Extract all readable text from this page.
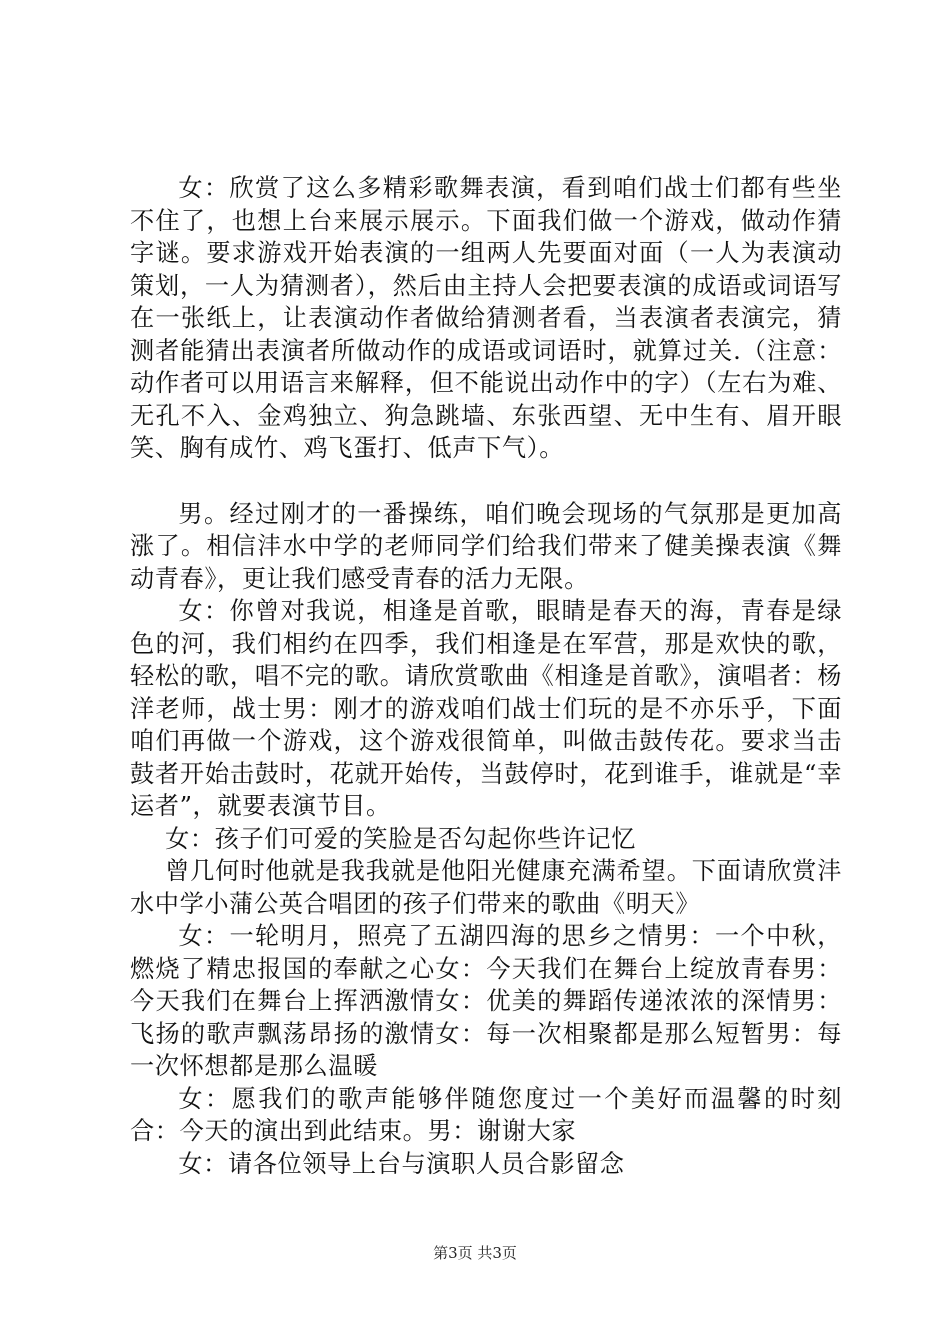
女：欣赏了这么多精彩歌舞表演，看到咱们战士们都有些坐不住了，也想上台来展示展示。下面我们做一个游戏，做动作猜字谜。要求游戏开始表演的一组两人先要面对面（一人为表演动策划，一人为猜测者），然后由主持人会把要表演的成语或词语写在一张纸上，让表演动作者做给猜测者看，当表演者表演完，猜测者能猜出表演者所做动作的成语或词语时，就算过关.（注意：动作者可以用语言来解释，但不能说出动作中的字）（左右为难、无孔不入、金鸡独立、狗急跳墙、东张西望、无中生有、眉开眼笑、胸有成竹、鸡飞蛋打、低声下气）。

男。经过刚才的一番操练，咱们晚会现场的气氛那是更加高涨了。相信沣水中学的老师同学们给我们带来了健美操表演《舞动青春》，更让我们感受青春的活力无限。

女：你曾对我说，相逢是首歌，眼睛是春天的海，青春是绿色的河，我们相约在四季，我们相逢是在军营，那是欢快的歌，轻松的歌，唱不完的歌。请欣赏歌曲《相逢是首歌》，演唱者：杨洋老师，战士男：刚才的游戏咱们战士们玩的是不亦乐乎，下面咱们再做一个游戏，这个游戏很简单，叫做击鼓传花。要求当击鼓者开始击鼓时，花就开始传，当鼓停时，花到谁手，谁就是“幸运者”，就要表演节目。

女：孩子们可爱的笑脸是否勾起你些许记忆

曾几何时他就是我我就是他阳光健康充满希望。下面请欣赏沣水中学小蒲公英合唱团的孩子们带来的歌曲《明天》

女：一轮明月，照亮了五湖四海的思乡之情男：一个中秋，燃烧了精忠报国的奉献之心女：今天我们在舞台上绽放青春男：今天我们在舞台上挥洒激情女：优美的舞蹈传递浓浓的深情男：飞扬的歌声飘荡昂扬的激情女：每一次相聚都是那么短暂男：每一次怀想都是那么温暖

女：愿我们的歌声能够伴随您度过一个美好而温馨的时刻合：今天的演出到此结束。男：谢谢大家

女：请各位领导上台与演职人员合影留念

第3页 共3页
